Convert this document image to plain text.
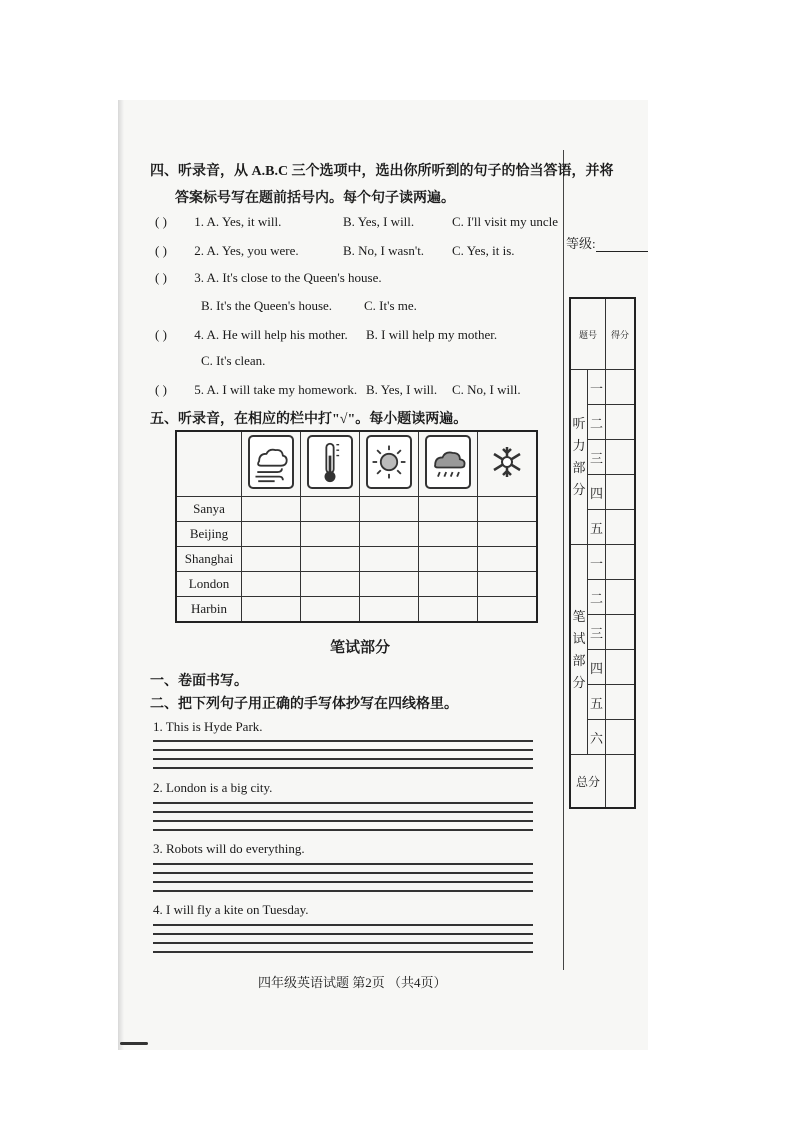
四、听录音，从 A.B.C 三个选项中，选出你所听到的句子的恰当答语，并将
答案标号写在题前括号内。每个句子读两遍。
( ) 1. A. Yes, it will.	B. Yes, I will.	C. I'll visit my uncle
( ) 2. A. Yes, you were.	B. No, I wasn't. C. Yes, it is.
( ) 3. A. It's close to the Queen's house.
B. It's the Queen's house. C. It's me.
( ) 4. A. He will help his mother. B. I will help my mother.
C. It's clean.
( ) 5. A. I will take my homework. B. Yes, I will. C. No, I will.
五、听录音，在相应的栏中打"√"。每小题读两遍。

Sanya					
Beijing					
Shanghai					
London					
Harbin					
笔试部分
一、卷面书写。
二、把下列句子用正确的手写体抄写在四线格里。
1. This is Hyde Park.
2. London is a big city.
3. Robots will do everything.
4. I will fly a kite on Tuesday.
等级:
题号		得分
听
力
部
分	一	
	二	
	三	
	四	
	五	
笔
试
部
分	一	
	二	
	三	
	四	
	五	
	六	
总分		
四年级英语试题 第2页 （共4页）
